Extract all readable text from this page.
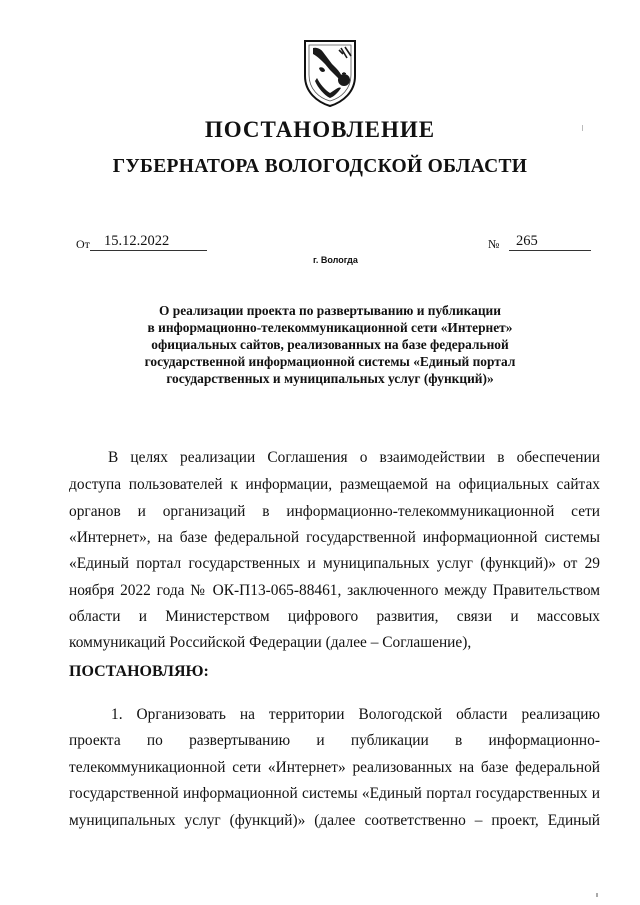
ПОСТАНОВЛЕНИЕ
ГУБЕРНАТОРА ВОЛОГОДСКОЙ ОБЛАСТИ
От 15.12.2022	№ 265
г. Вологда
О реализации проекта по развертыванию и публикации
в информационно-телекоммуникационной сети «Интернет»
официальных сайтов, реализованных на базе федеральной
государственной информационной системы «Единый портал
государственных и муниципальных услуг (функций)»
В целях реализации Соглашения о взаимодействии в обеспечении
доступа пользователей к информации, размещаемой на официальных сайтах
органов и организаций в информационно-телекоммуникационной сети
«Интернет», на базе федеральной государственной информационной системы
«Единый портал государственных и муниципальных услуг (функций)» от 29
ноября 2022 года № ОК-П13-065-88461, заключенного между Правительством
области и Министерством цифрового развития, связи и массовых
коммуникаций Российской Федерации (далее – Соглашение),
ПОСТАНОВЛЯЮ:
1. Организовать на территории Вологодской области реализацию
проекта по развертыванию и публикации в информационно-
телекоммуникационной сети «Интернет» реализованных на базе федеральной
государственной информационной системы «Единый портал государственных и
муниципальных услуг (функций)» (далее соответственно – проект, Единый
